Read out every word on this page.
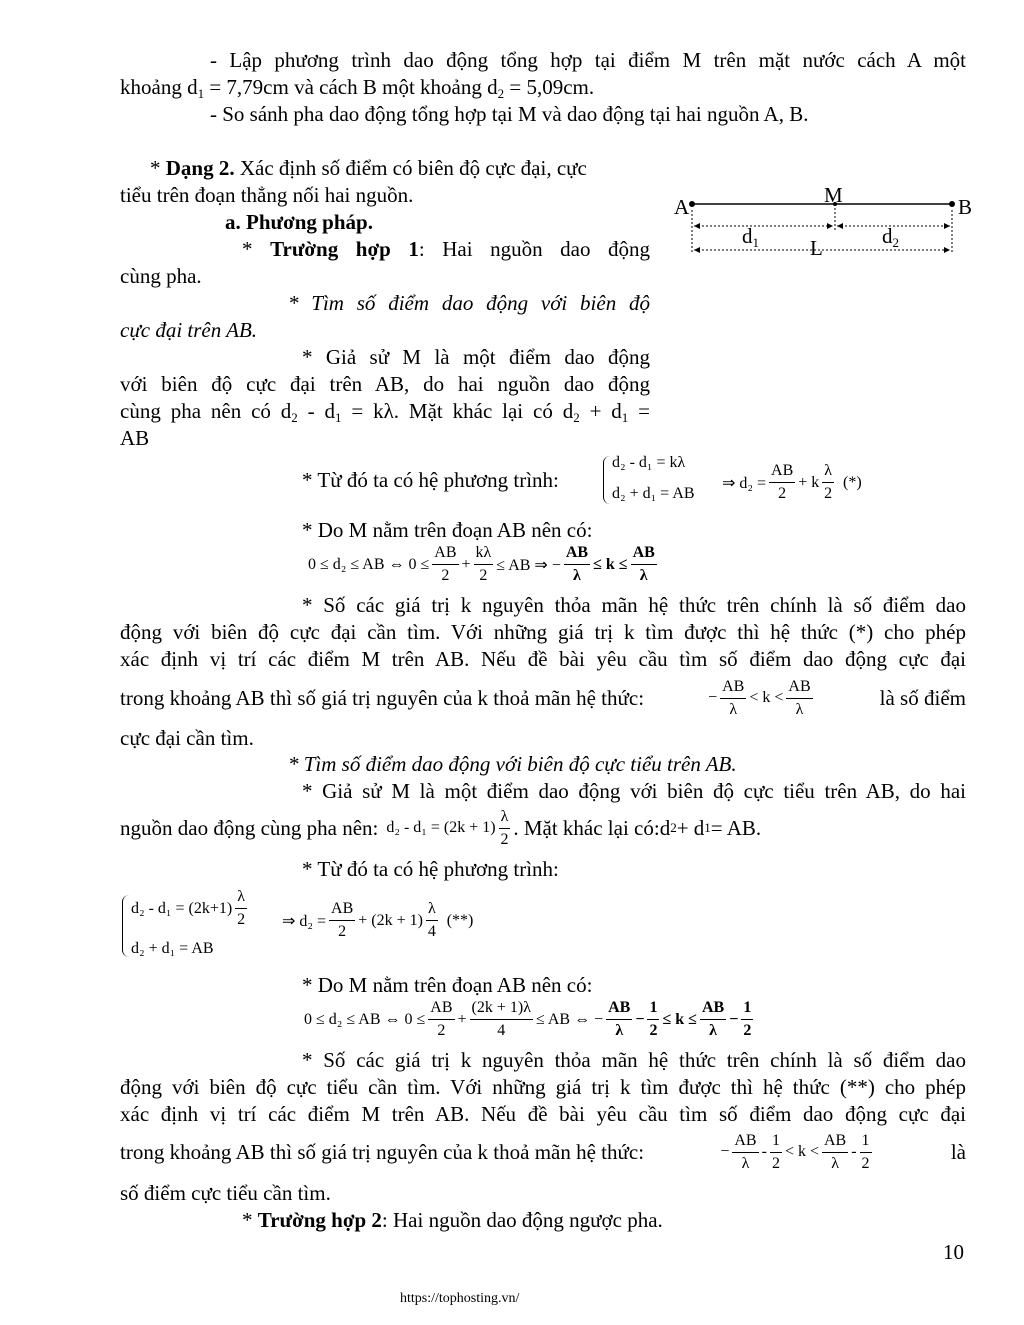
- Lập phương trình dao động tổng hợp tại điểm M trên mặt nước cách A một
khoảng $d_1 = 7,79cm$ và cách B một khoảng $d_2 = 5,09cm$.
- So sánh pha dao động tổng hợp tại M và dao động tại hai nguồn A, B.
* Dạng 2. Xác định số điểm có biên độ cực đại, cực
tiểu trên đoạn thẳng nối hai nguồn.
a. Phương pháp.
* Trường hợp 1: Hai nguồn dao động
cùng pha.
* Tìm số điểm dao động với biên độ
cực đại trên AB.
* Giả sử M là một điểm dao động
với biên độ cực đại trên AB, do hai nguồn dao động
cùng pha nên có $d_2 - d_1 = k\lambda$. Mặt khác lại có $d_2 + d_1$ =
AB
A	B
M
$d_1$	$d_2$
L
* Từ đó ta có hệ phương trình:
d₂ - d₁ = kλ
d₂ + d₁ = AB
⇒ $d_2 = \frac{AB}{2} + k \frac{\lambda}{2}$ (*)
* Do M nằm trên đoạn AB nên có:
0 ≤ d₂ ≤ AB ⇔ $0 \le \frac{AB}{2} + \frac{k\lambda}{2}$ ≤ AB ⇒ − $\frac{AB}{\lambda} \le k \le \frac{AB}{\lambda}$
* Số các giá trị k nguyên thỏa mãn hệ thức trên chính là số điểm dao
động với biên độ cực đại cần tìm. Với những giá trị k tìm được thì hệ thức (*) cho phép
xác định vị trí các điểm M trên AB. Nếu đề bài yêu cầu tìm số điểm dao động cực đại
trong khoảng AB thì số giá trị nguyên của k thoả mãn hệ thức:	− $\frac{AB}{\lambda} < k < \frac{AB}{\lambda}$	là số điểm
cực đại cần tìm.
* Tìm số điểm dao động với biên độ cực tiểu trên AB.
* Giả sử M là một điểm dao động với biên độ cực tiểu trên AB, do hai
nguồn dao động cùng pha nên: $d_2 - d_1 = (2k + 1) \frac{\lambda}{2}$ . Mặt khác lại có:d 2 + d 1 = AB.
* Từ đó ta có hệ phương trình:
$d_2 - d_1 = (2k+1) \frac{\lambda}{2}$
d₂ + d₁ = AB
⇒ $d_2 = \frac{AB}{2} + (2k + 1) \frac{\lambda}{4}$ (**)
* Do M nằm trên đoạn AB nên có:
0 ≤ d₂ ≤ AB ⇔ $0 \le \frac{AB}{2} + \frac{(2k + 1)\lambda}{4}$ ≤ AB ⇔ − $\frac{AB}{\lambda} - \frac{1}{2} \le k \le \frac{AB}{\lambda} - \frac{1}{2}$
* Số các giá trị k nguyên thỏa mãn hệ thức trên chính là số điểm dao
động với biên độ cực tiểu cần tìm. Với những giá trị k tìm được thì hệ thức (**) cho phép
xác định vị trí các điểm M trên AB. Nếu đề bài yêu cầu tìm số điểm dao động cực đại
trong khoảng AB thì số giá trị nguyên của k thoả mãn hệ thức:	− $\frac{AB}{\lambda} - \frac{1}{2} < k < \frac{AB}{\lambda} - \frac{1}{2}$	là
số điểm cực tiểu cần tìm.
* Trường hợp 2: Hai nguồn dao động ngược pha.
10
https://tophosting.vn/
